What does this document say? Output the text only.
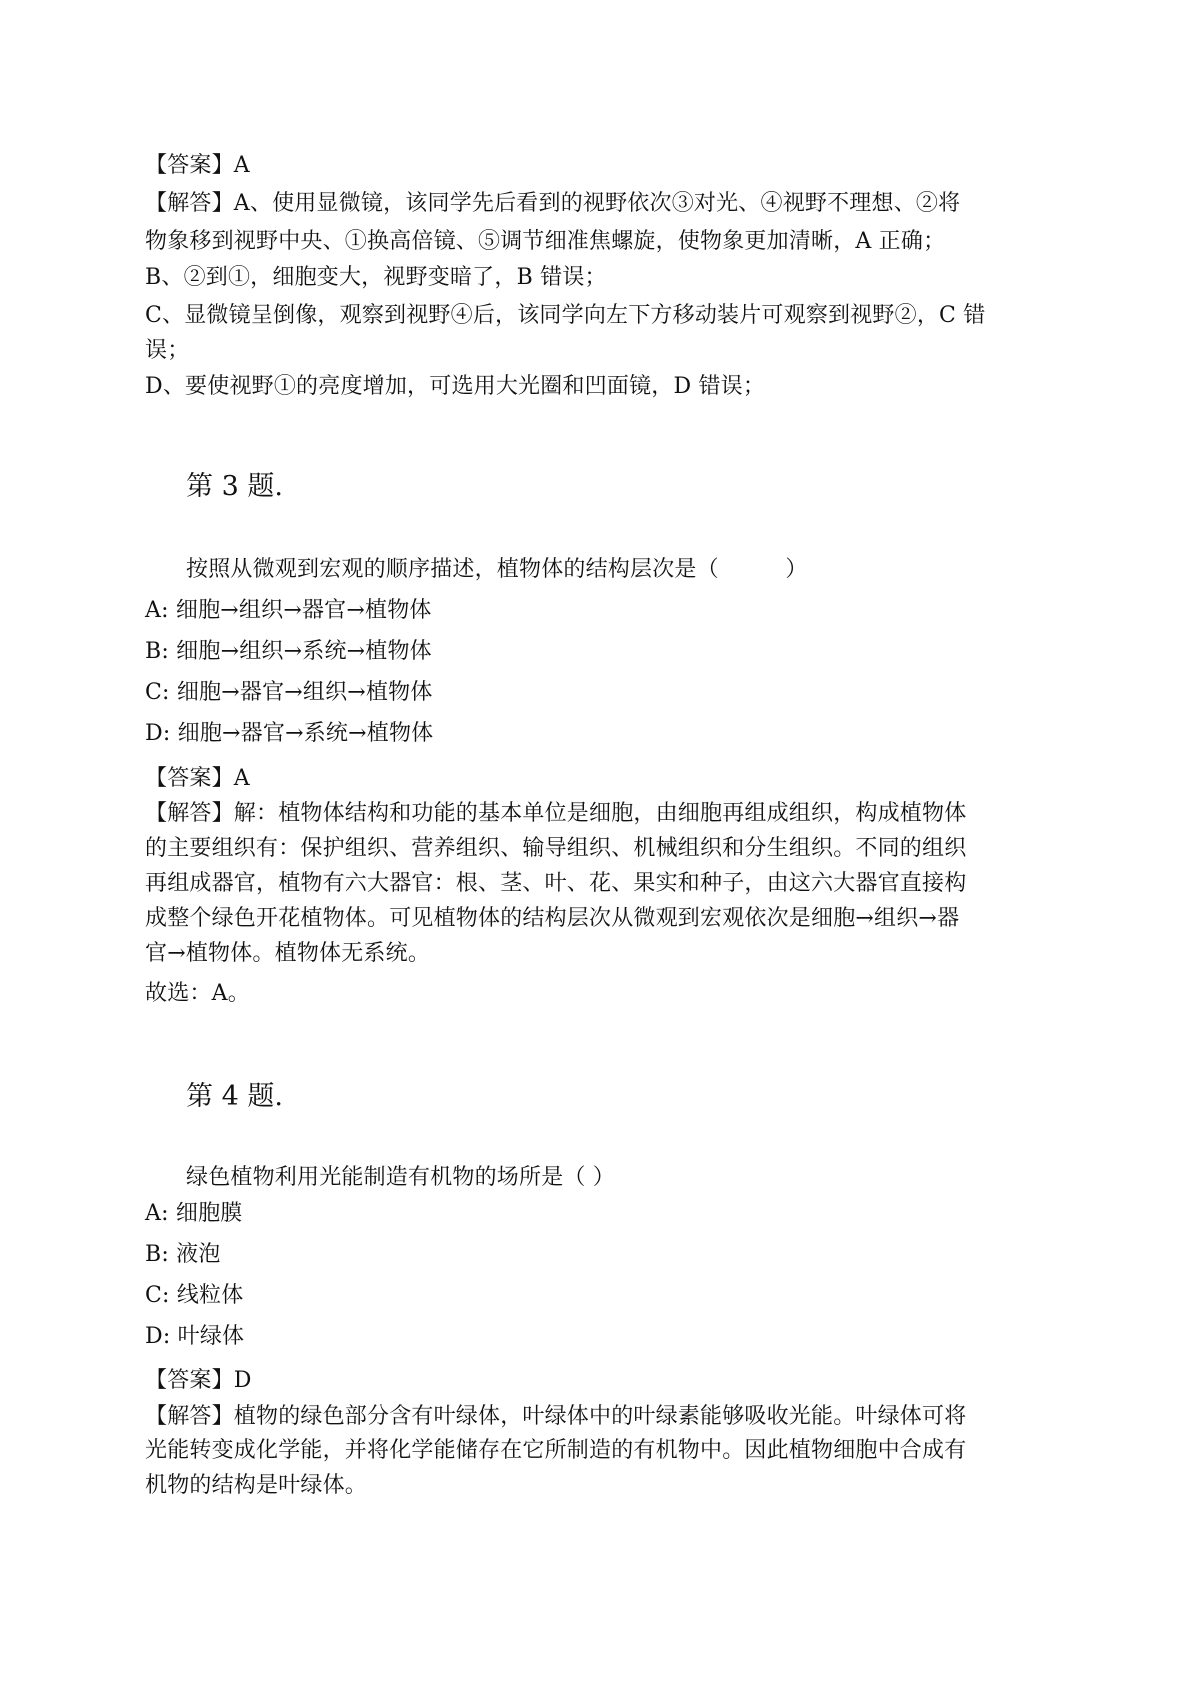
【答案】A
【解答】A、使用显微镜，该同学先后看到的视野依次③对光、④视野不理想、②将
物象移到视野中央、①换高倍镜、⑤调节细准焦螺旋，使物象更加清晰，A 正确；
B、②到①，细胞变大，视野变暗了，B 错误；
C、显微镜呈倒像，观察到视野④后，该同学向左下方移动装片可观察到视野②，C 错
误；
D、要使视野①的亮度增加，可选用大光圈和凹面镜，D 错误；
第 3 题.
按照从微观到宏观的顺序描述，植物体的结构层次是（　　　）
A: 细胞→组织→器官→植物体
B: 细胞→组织→系统→植物体
C: 细胞→器官→组织→植物体
D: 细胞→器官→系统→植物体
【答案】A
【解答】解：植物体结构和功能的基本单位是细胞，由细胞再组成组织，构成植物体
的主要组织有：保护组织、营养组织、输导组织、机械组织和分生组织。不同的组织
再组成器官，植物有六大器官：根、茎、叶、花、果实和种子，由这六大器官直接构
成整个绿色开花植物体。可见植物体的结构层次从微观到宏观依次是细胞→组织→器
官→植物体。植物体无系统。
故选：A。
第 4 题.
绿色植物利用光能制造有机物的场所是（ ）
A: 细胞膜
B: 液泡
C: 线粒体
D: 叶绿体
【答案】D
【解答】植物的绿色部分含有叶绿体，叶绿体中的叶绿素能够吸收光能。叶绿体可将
光能转变成化学能，并将化学能储存在它所制造的有机物中。因此植物细胞中合成有
机物的结构是叶绿体。
